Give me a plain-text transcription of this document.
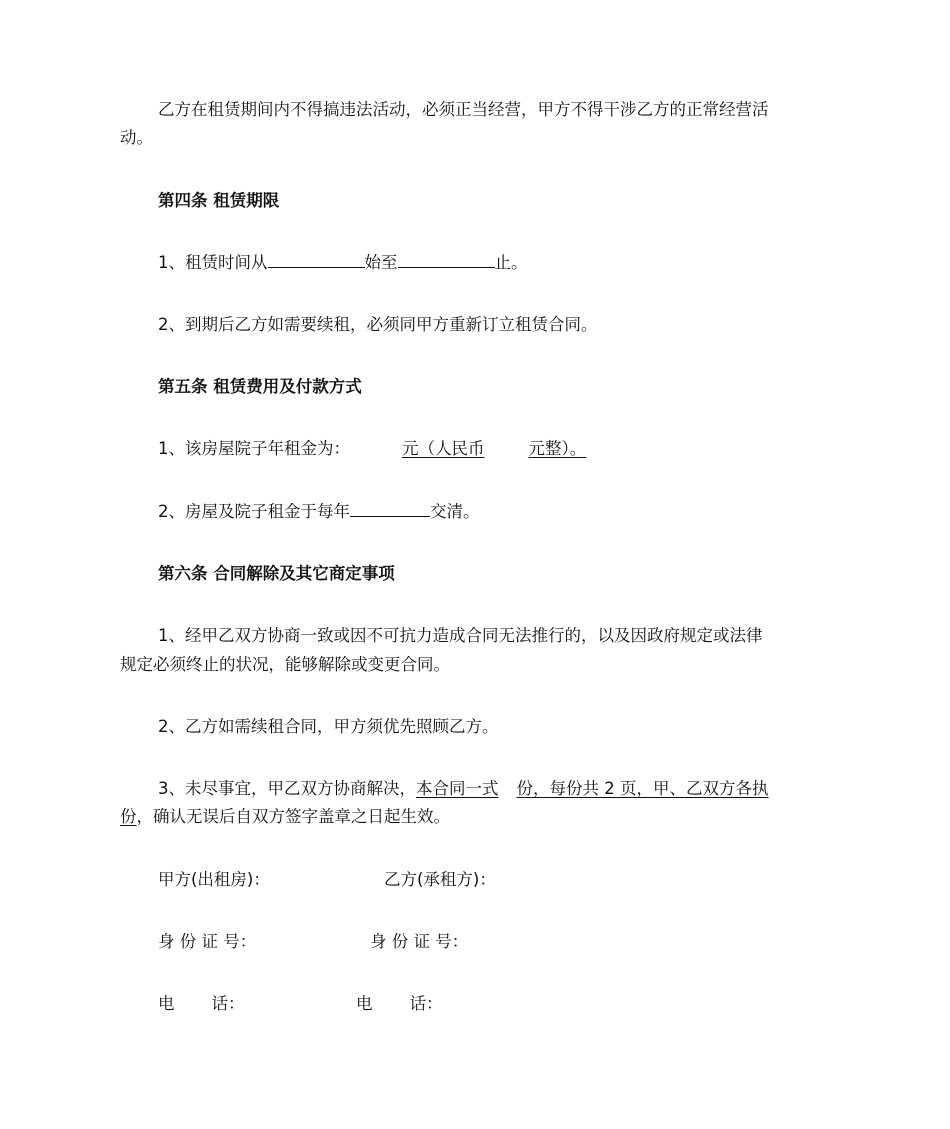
乙方在租赁期间内不得搞违法活动，必须正当经营，甲方不得干涉乙方的正常经营活
动。
第四条 租赁期限
1、租赁时间从	始至	止。
2、到期后乙方如需要续租，必须同甲方重新订立租赁合同。
第五条 租赁费用及付款方式
1、该房屋院子年租金为：	元（人民币	元整）。
2、房屋及院子租金于每年	交清。
第六条 合同解除及其它商定事项
1、经甲乙双方协商一致或因不可抗力造成合同无法推行的，以及因政府规定或法律
规定必须终止的状况，能够解除或变更合同。
2、乙方如需续租合同，甲方须优先照顾乙方。
3、未尽事宜，甲乙双方协商解决，本合同一式 份，每份共 2 页，甲、乙双方各执
份，确认无误后自双方签字盖章之日起生效。
甲方(出租房)：	乙方(承租方)：
身 份 证 号：	身 份 证 号：
电 话：	电 话：
